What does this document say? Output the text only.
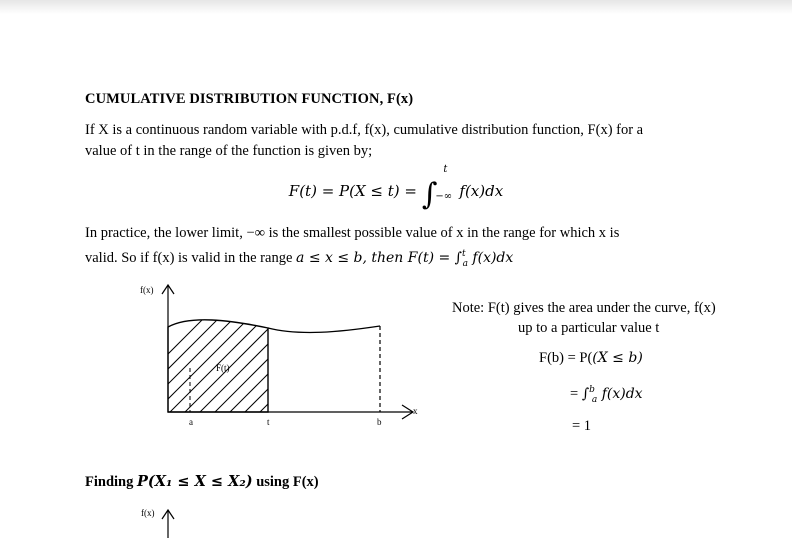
CUMULATIVE DISTRIBUTION FUNCTION, F(x)
If X is a continuous random variable with p.d.f, f(x), cumulative distribution function, F(x) for a
value of t in the range of the function is given by;
F(t) = P(X ≤ t) = ∫
t
−∞ f(x)dx
In practice, the lower limit, −∞ is the smallest possible value of x in the range for which x is
valid. So if f(x) is valid in the range a ≤ x ≤ b, then F(t) = ∫$^t_a$ f(x)dx
f(x)
x
F(t)
a	t	b
Note: F(t) gives the area under the curve, f(x)
up to a particular value t
F(b) = P((X ≤ b)
= ∫$^b_a$ f(x)dx
= 1
Finding P(X₁ ≤ X ≤ X₂) using F(x)
f(x)
